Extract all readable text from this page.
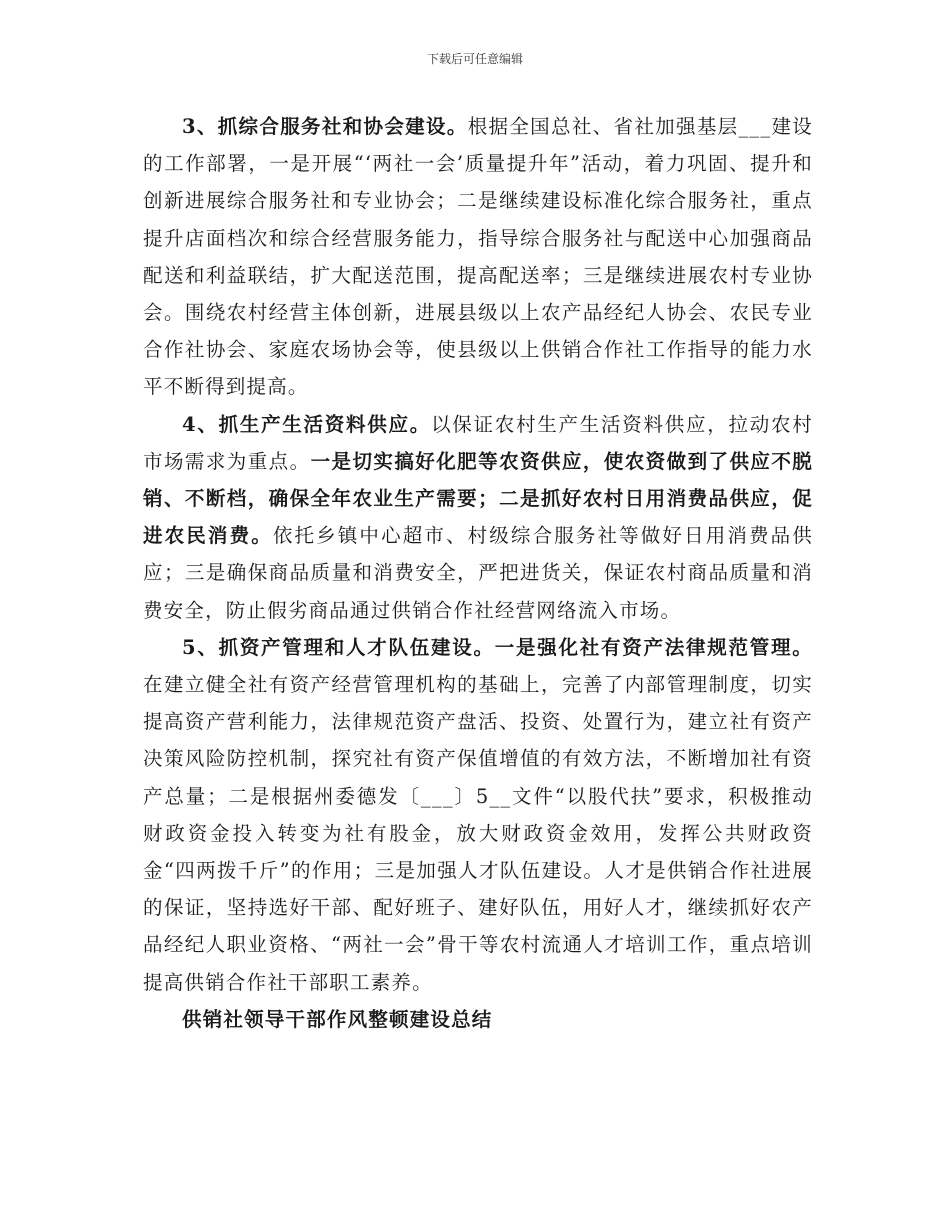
下载后可任意编辑

3、抓综合服务社和协会建设。根据全国总社、省社加强基层___建设的工作部署，一是开展“‘两社一会’质量提升年”活动，着力巩固、提升和创新进展综合服务社和专业协会；二是继续建设标准化综合服务社，重点提升店面档次和综合经营服务能力，指导综合服务社与配送中心加强商品配送和利益联结，扩大配送范围，提高配送率；三是继续进展农村专业协会。围绕农村经营主体创新，进展县级以上农产品经纪人协会、农民专业合作社协会、家庭农场协会等，使县级以上供销合作社工作指导的能力水平不断得到提高。

4、抓生产生活资料供应。以保证农村生产生活资料供应，拉动农村市场需求为重点。一是切实搞好化肥等农资供应，使农资做到了供应不脱销、不断档，确保全年农业生产需要；二是抓好农村日用消费品供应，促进农民消费。依托乡镇中心超市、村级综合服务社等做好日用消费品供应；三是确保商品质量和消费安全，严把进货关，保证农村商品质量和消费安全，防止假劣商品通过供销合作社经营网络流入市场。

5、抓资产管理和人才队伍建设。一是强化社有资产法律规范管理。在建立健全社有资产经营管理机构的基础上，完善了内部管理制度，切实提高资产营利能力，法律规范资产盘活、投资、处置行为，建立社有资产决策风险防控机制，探究社有资产保值增值的有效方法，不断增加社有资产总量；二是根据州委德发〔___〕5__文件“以股代扶”要求，积极推动财政资金投入转变为社有股金，放大财政资金效用，发挥公共财政资金“四两拨千斤”的作用；三是加强人才队伍建设。人才是供销合作社进展的保证，坚持选好干部、配好班子、建好队伍，用好人才，继续抓好农产品经纪人职业资格、“两社一会”骨干等农村流通人才培训工作，重点培训提高供销合作社干部职工素养。

供销社领导干部作风整顿建设总结
